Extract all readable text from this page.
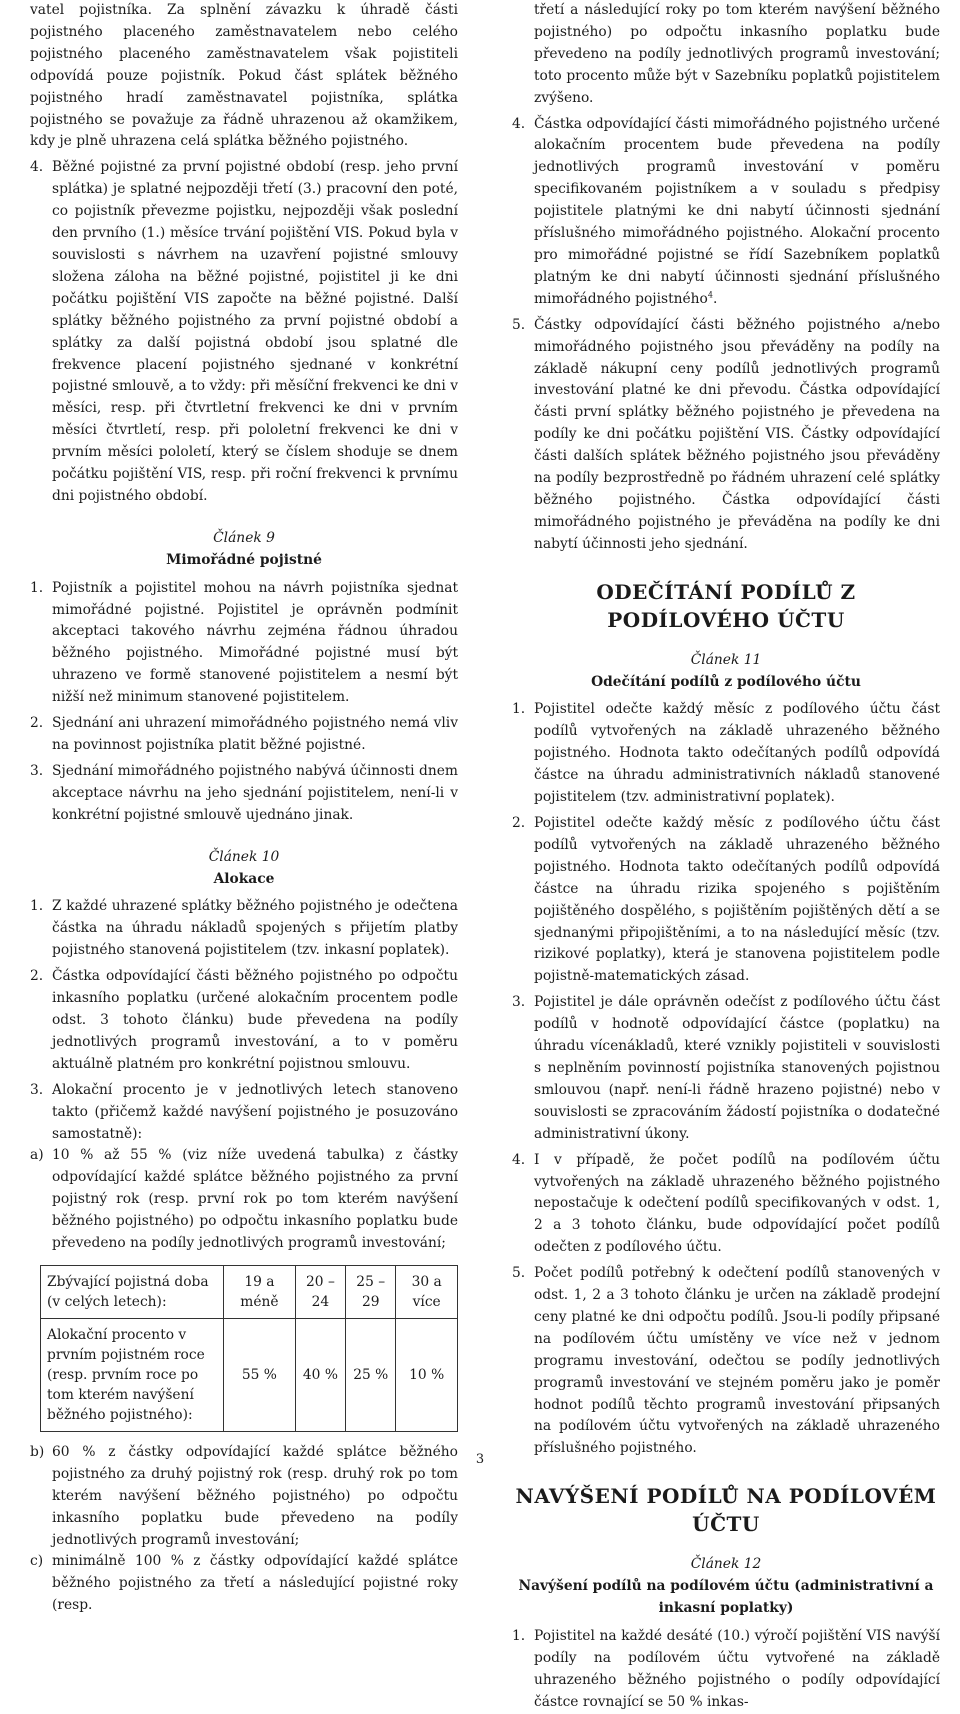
vatel pojistníka. Za splnění závazku k úhradě části pojistného placeného zaměstnavatelem nebo celého pojistného placeného zaměstnavatelem však pojistiteli odpovídá pouze pojistník. Pokud část splátek běžného pojistného hradí zaměstnavatel pojistníka, splátka pojistného se považuje za řádně uhrazenou až okamžikem, kdy je plně uhrazena celá splátka běžného pojistného.

4. Běžné pojistné za první pojistné období (resp. jeho první splátka) je splatné nejpozději třetí (3.) pracovní den poté, co pojistník převezme pojistku, nejpozději však poslední den prvního (1.) měsíce trvání pojištění VIS. Pokud byla v souvislosti s návrhem na uzavření pojistné smlouvy složena záloha na běžné pojistné, pojistitel ji ke dni počátku pojištění VIS započte na běžné pojistné. Další splátky běžného pojistného za první pojistné období a splátky za další pojistná období jsou splatné dle frekvence placení pojistného sjednané v konkrétní pojistné smlouvě, a to vždy: při měsíční frekvenci ke dni v měsíci, resp. při čtvrtletní frekvenci ke dni v prvním měsíci čtvrtletí, resp. při pololetní frekvenci ke dni v prvním měsíci pololetí, který se číslem shoduje se dnem počátku pojištění VIS, resp. při roční frekvenci k prvnímu dni pojistného období.
Článek 9
Mimořádné pojistné
1. Pojistník a pojistitel mohou na návrh pojistníka sjednat mimořádné pojistné. Pojistitel je oprávněn podmínit akceptaci takového návrhu zejména řádnou úhradou běžného pojistného. Mimořádné pojistné musí být uhrazeno ve formě stanovené pojistitelem a nesmí být nižší než minimum stanovené pojistitelem.
2. Sjednání ani uhrazení mimořádného pojistného nemá vliv na povinnost pojistníka platit běžné pojistné.
3. Sjednání mimořádného pojistného nabývá účinnosti dnem akceptace návrhu na jeho sjednání pojistitelem, není-li v konkrétní pojistné smlouvě ujednáno jinak.
Článek 10
Alokace
1. Z každé uhrazené splátky běžného pojistného je odečtena částka na úhradu nákladů spojených s přijetím platby pojistného stanovená pojistitelem (tzv. inkasní poplatek).
2. Částka odpovídající části běžného pojistného po odpočtu inkasního poplatku (určené alokačním procentem podle odst. 3 tohoto článku) bude převedena na podíly jednotlivých programů investování, a to v poměru aktuálně platném pro konkrétní pojistnou smlouvu.
3. Alokační procento je v jednotlivých letech stanoveno takto (přičemž každé navýšení pojistného je posuzováno samostatně):
a) 10 % až 55 % (viz níže uvedená tabulka) z částky odpovídající každé splátce běžného pojistného za první pojistný rok (resp. první rok po tom kterém navýšení běžného pojistného) po odpočtu inkasního poplatku bude převedeno na podíly jednotlivých programů investování;
Zbývající pojistná doba (v celých letech):	19 a méně	20 – 24	25 – 29	30 a více
Alokační procento v prvním pojistném roce (resp. prvním roce po tom kterém navýšení běžného pojistného):	55 %	40 %	25 %	10 %
b) 60 % z částky odpovídající každé splátce běžného pojistného za druhý pojistný rok (resp. druhý rok po tom kterém navýšení běžného pojistného) po odpočtu inkasního poplatku bude převedeno na podíly jednotlivých programů investování;
c) minimálně 100 % z částky odpovídající každé splátce běžného pojistného za třetí a následující pojistné roky (resp.
třetí a následující roky po tom kterém navýšení běžného pojistného) po odpočtu inkasního poplatku bude převedeno na podíly jednotlivých programů investování; toto procento může být v Sazebníku poplatků pojistitelem zvýšeno.
4. Částka odpovídající části mimořádného pojistného určené alokačním procentem bude převedena na podíly jednotlivých programů investování v poměru specifikovaném pojistníkem a v souladu s předpisy pojistitele platnými ke dni nabytí účinnosti sjednání příslušného mimořádného pojistného. Alokační procento pro mimořádné pojistné se řídí Sazebníkem poplatků platným ke dni nabytí účinnosti sjednání příslušného mimořádného pojistného$^4$.
5. Částky odpovídající části běžného pojistného a/nebo mimořádného pojistného jsou převáděny na podíly na základě nákupní ceny podílů jednotlivých programů investování platné ke dni převodu. Částka odpovídající části první splátky běžného pojistného je převedena na podíly ke dni počátku pojištění VIS. Částky odpovídající části dalších splátek běžného pojistného jsou převáděny na podíly bezprostředně po řádném uhrazení celé splátky běžného pojistného. Částka odpovídající části mimořádného pojistného je převáděna na podíly ke dni nabytí účinnosti jeho sjednání.
ODEČÍTÁNÍ PODÍLŮ Z PODÍLOVÉHO ÚČTU
Článek 11
Odečítání podílů z podílového účtu
1. Pojistitel odečte každý měsíc z podílového účtu část podílů vytvořených na základě uhrazeného běžného pojistného. Hodnota takto odečítaných podílů odpovídá částce na úhradu administrativních nákladů stanovené pojistitelem (tzv. administrativní poplatek).
2. Pojistitel odečte každý měsíc z podílového účtu část podílů vytvořených na základě uhrazeného běžného pojistného. Hodnota takto odečítaných podílů odpovídá částce na úhradu rizika spojeného s pojištěním pojištěného dospělého, s pojištěním pojištěných dětí a se sjednanými připojištěními, a to na následující měsíc (tzv. rizikové poplatky), která je stanovena pojistitelem podle pojistně-matematických zásad.
3. Pojistitel je dále oprávněn odečíst z podílového účtu část podílů v hodnotě odpovídající částce (poplatku) na úhradu vícenákladů, které vznikly pojistiteli v souvislosti s neplněním povinností pojistníka stanovených pojistnou smlouvou (např. není-li řádně hrazeno pojistné) nebo v souvislosti se zpracováním žádostí pojistníka o dodatečné administrativní úkony.
4. I v případě, že počet podílů na podílovém účtu vytvořených na základě uhrazeného běžného pojistného nepostačuje k odečtení podílů specifikovaných v odst. 1, 2 a 3 tohoto článku, bude odpovídající počet podílů odečten z podílového účtu.
5. Počet podílů potřebný k odečtení podílů stanovených v odst. 1, 2 a 3 tohoto článku je určen na základě prodejní ceny platné ke dni odpočtu podílů. Jsou-li podíly připsané na podílovém účtu umístěny ve více než v jednom programu investování, odečtou se podíly jednotlivých programů investování ve stejném poměru jako je poměr hodnot podílů těchto programů investování připsaných na podílovém účtu vytvořených na základě uhrazeného příslušného pojistného.
NAVÝŠENÍ PODÍLŮ NA PODÍLOVÉM ÚČTU
Článek 12
Navýšení podílů na podílovém účtu (administrativní a inkasní poplatky)
1. Pojistitel na každé desáté (10.) výročí pojištění VIS navýší podíly na podílovém účtu vytvořené na základě uhrazeného běžného pojistného o podíly odpovídající částce rovnající se 50 % inkas-
3
